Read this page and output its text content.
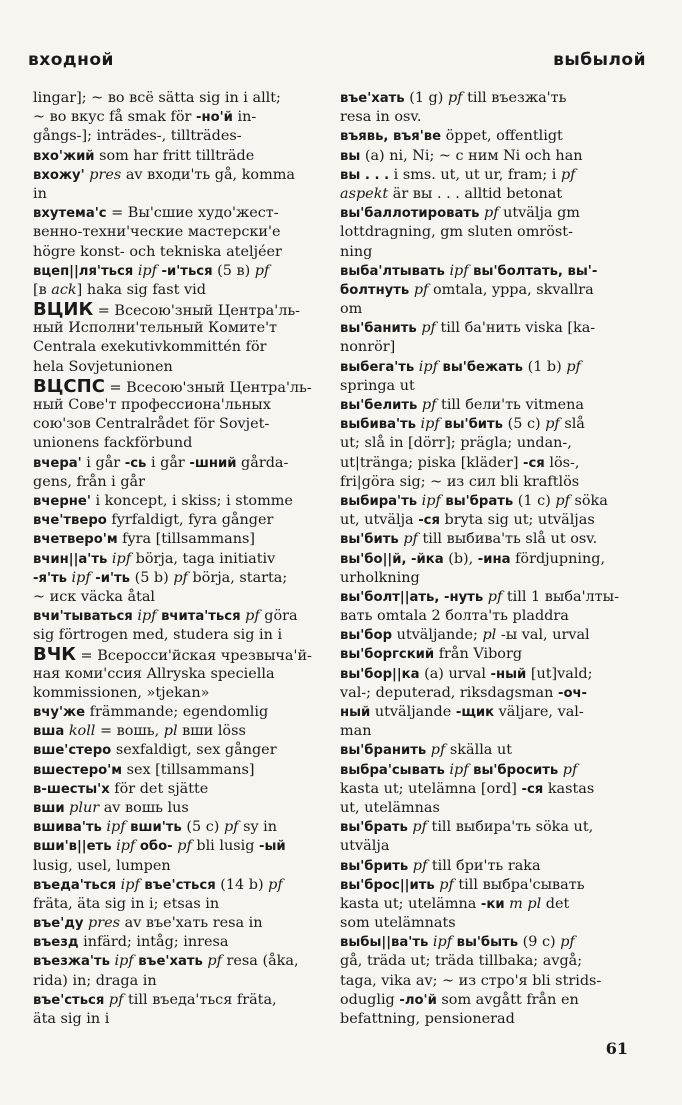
входной	выбылой
lingar]; ~ во всё sätta sig in i allt;
~ во вкус få smak för -но'й in-
gångs-]; inträdes-, tillträdes-
вхо'жий som har fritt tillträde
вхожу' pres av входи'ть gå, komma
in
вхутема'с = Вы'сшие худо'жест-
венно-техни'ческие мастерски'е
högre konst- och tekniska ateljéer
вцеп||ля'ться ipf -и'ться (5 в) pf
[в ack] haka sig fast vid
ВЦИК = Всесою'зный Центра'ль-
ный Исполни'тельный Комите'т
Centrala exekutivkommittén för
hela Sovjetunionen
ВЦСПС = Всесою'зный Центра'ль-
ный Сове'т профессиона'льных
сою'зов Centralrådet för Sovjet-
unionens fackförbund
вчера' i går -сь i går -шний gårda-
gens, från i går
вчерне' i koncept, i skiss; i stomme
вче'тверо fyrfaldigt, fyra gånger
вчетверо'м fyra [tillsammans]
вчин||а'ть ipf börja, taga initiativ
-я'ть ipf -и'ть (5 b) pf börja, starta;
~ иск väcka åtal
вчи'тываться ipf вчита'ться pf göra
sig förtrogen med, studera sig in i
ВЧК = Всеросси'йская чрезвыча'й-
ная коми'ссия Allryska speciella
kommissionen, »tjekan»
вчу'же främmande; egendomlig
вша koll = вошь, pl вши löss
вше'стеро sexfaldigt, sex gånger
вшестеро'м sex [tillsammans]
в-шесты'х för det sjätte
вши plur av вошь lus
вшива'ть ipf вши'ть (5 c) pf sy in
вши'в||еть ipf обо- pf bli lusig -ый
lusig, usel, lumpen
въеда'ться ipf въе'сться (14 b) pf
fräta, äta sig in i; etsas in
въе'ду pres av въе'хать resa in
въезд infärd; intåg; inresa
въезжа'ть ipf въе'хать pf resa (åka,
rida) in; draga in
въе'сться pf till въеда'ться fräta,
äta sig in i
въе'хать (1 g) pf till въезжа'ть
resa in osv.
въявь, въя'ве öppet, offentligt
вы (a) ni, Ni; ~ с ним Ni och han
вы . . . i sms. ut, ut ur, fram; i pf
aspekt är вы . . . alltid betonat
вы'баллотировать pf utvälja gm
lottdragning, gm sluten omröst-
ning
выба'лтывать ipf вы'болтать, вы'-
болтнуть pf omtala, yppa, skvallra
om
вы'банить pf till ба'нить viska [ka-
nonrör]
выбега'ть ipf вы'бежать (1 b) pf
springa ut
вы'белить pf till бели'ть vitmena
выбива'ть ipf вы'бить (5 c) pf slå
ut; slå in [dörr]; prägla; undan-,
ut|tränga; piska [kläder] -ся lös-,
fri|göra sig; ~ из сил bli kraftlös
выбира'ть ipf вы'брать (1 c) pf söka
ut, utvälja -ся bryta sig ut; utväljas
вы'бить pf till выбива'ть slå ut osv.
вы'бо||й, -йка (b), -ина fördjupning,
urholkning
вы'болт||ать, -нуть pf till 1 выба'лты-
вать omtala 2 болта'ть pladdra
вы'бор utväljande; pl -ы val, urval
вы'боргский från Viborg
вы'бор||ка (a) urval -ный [ut]vald;
val-; deputerad, riksdagsman -оч-
ный utväljande -щик väljare, val-
man
вы'бранить pf skälla ut
выбра'сывать ipf вы'бросить pf
kasta ut; utelämna [ord] -ся kastas
ut, utelämnas
вы'брать pf till выбира'ть söka ut,
utvälja
вы'брить pf till бри'ть raka
вы'брос||ить pf till выбра'сывать
kasta ut; utelämna -ки m pl det
som utelämnats
выбы||ва'ть ipf вы'быть (9 c) pf
gå, träda ut; träda tillbaka; avgå;
taga, vika av; ~ из стро'я bli strids-
oduglig -ло'й som avgått från en
befattning, pensionerad
61
